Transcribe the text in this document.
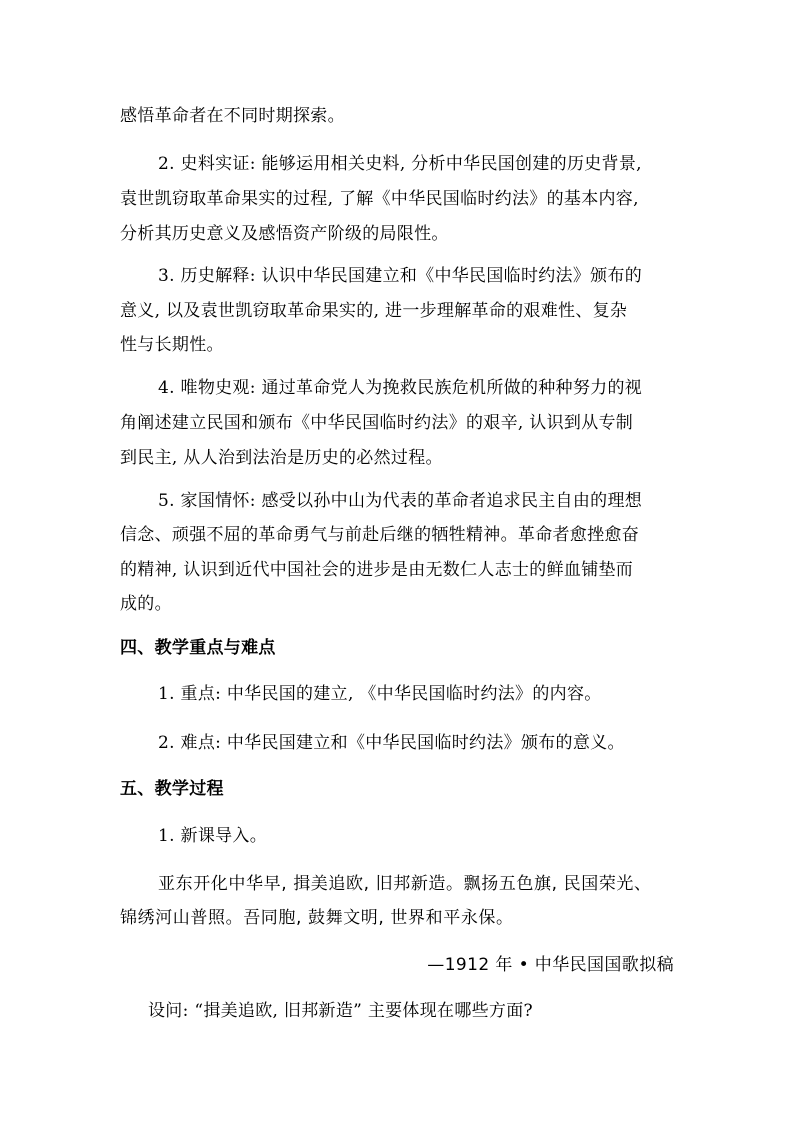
感悟革命者在不同时期探索。
2. 史料实证: 能够运用相关史料, 分析中华民国创建的历史背景,
袁世凯窃取革命果实的过程, 了解《中华民国临时约法》的基本内容,
分析其历史意义及感悟资产阶级的局限性。
3. 历史解释: 认识中华民国建立和《中华民国临时约法》颁布的
意义, 以及袁世凯窃取革命果实的, 进一步理解革命的艰难性、复杂
性与长期性。
4. 唯物史观: 通过革命党人为挽救民族危机所做的种种努力的视
角阐述建立民国和颁布《中华民国临时约法》的艰辛, 认识到从专制
到民主, 从人治到法治是历史的必然过程。
5. 家国情怀: 感受以孙中山为代表的革命者追求民主自由的理想
信念、顽强不屈的革命勇气与前赴后继的牺牲精神。革命者愈挫愈奋
的精神, 认识到近代中国社会的进步是由无数仁人志士的鲜血铺垫而
成的。
四、教学重点与难点
1. 重点: 中华民国的建立, 《中华民国临时约法》的内容。
2. 难点: 中华民国建立和《中华民国临时约法》颁布的意义。
五、教学过程
1. 新课导入。
亚东开化中华早, 揖美追欧, 旧邦新造。飘扬五色旗, 民国荣光、
锦绣河山普照。吾同胞, 鼓舞文明, 世界和平永保。
—1912 年 • 中华民国国歌拟稿
设问: “揖美追欧, 旧邦新造” 主要体现在哪些方面?
